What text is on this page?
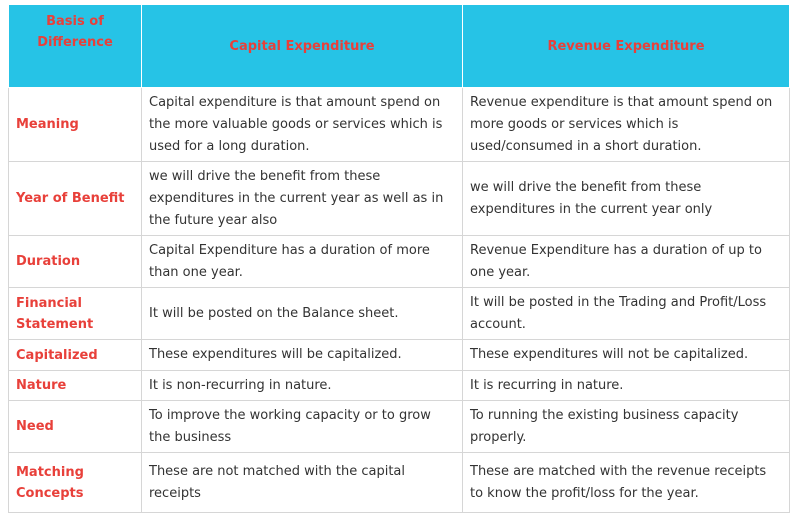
Basis of Difference	Capital Expenditure	Revenue Expenditure
Meaning	Capital expenditure is that amount spend on the more valuable goods or services which is used for a long duration.	Revenue expenditure is that amount spend on more goods or services which is used/consumed in a short duration.
Year of Benefit	we will drive the benefit from these expenditures in the current year as well as in the future year also	we will drive the benefit from these expenditures in the current year only
Duration	Capital Expenditure has a duration of more than one year.	Revenue Expenditure has a duration of up to one year.
Financial Statement	It will be posted on the Balance sheet.	It will be posted in the Trading and Profit/Loss account.
Capitalized	These expenditures will be capitalized.	These expenditures will not be capitalized.
Nature	It is non-recurring in nature.	It is recurring in nature.
Need	To improve the working capacity or to grow the business	To running the existing business capacity properly.
Matching Concepts	These are not matched with the capital receipts	These are matched with the revenue receipts to know the profit/loss for the year.
